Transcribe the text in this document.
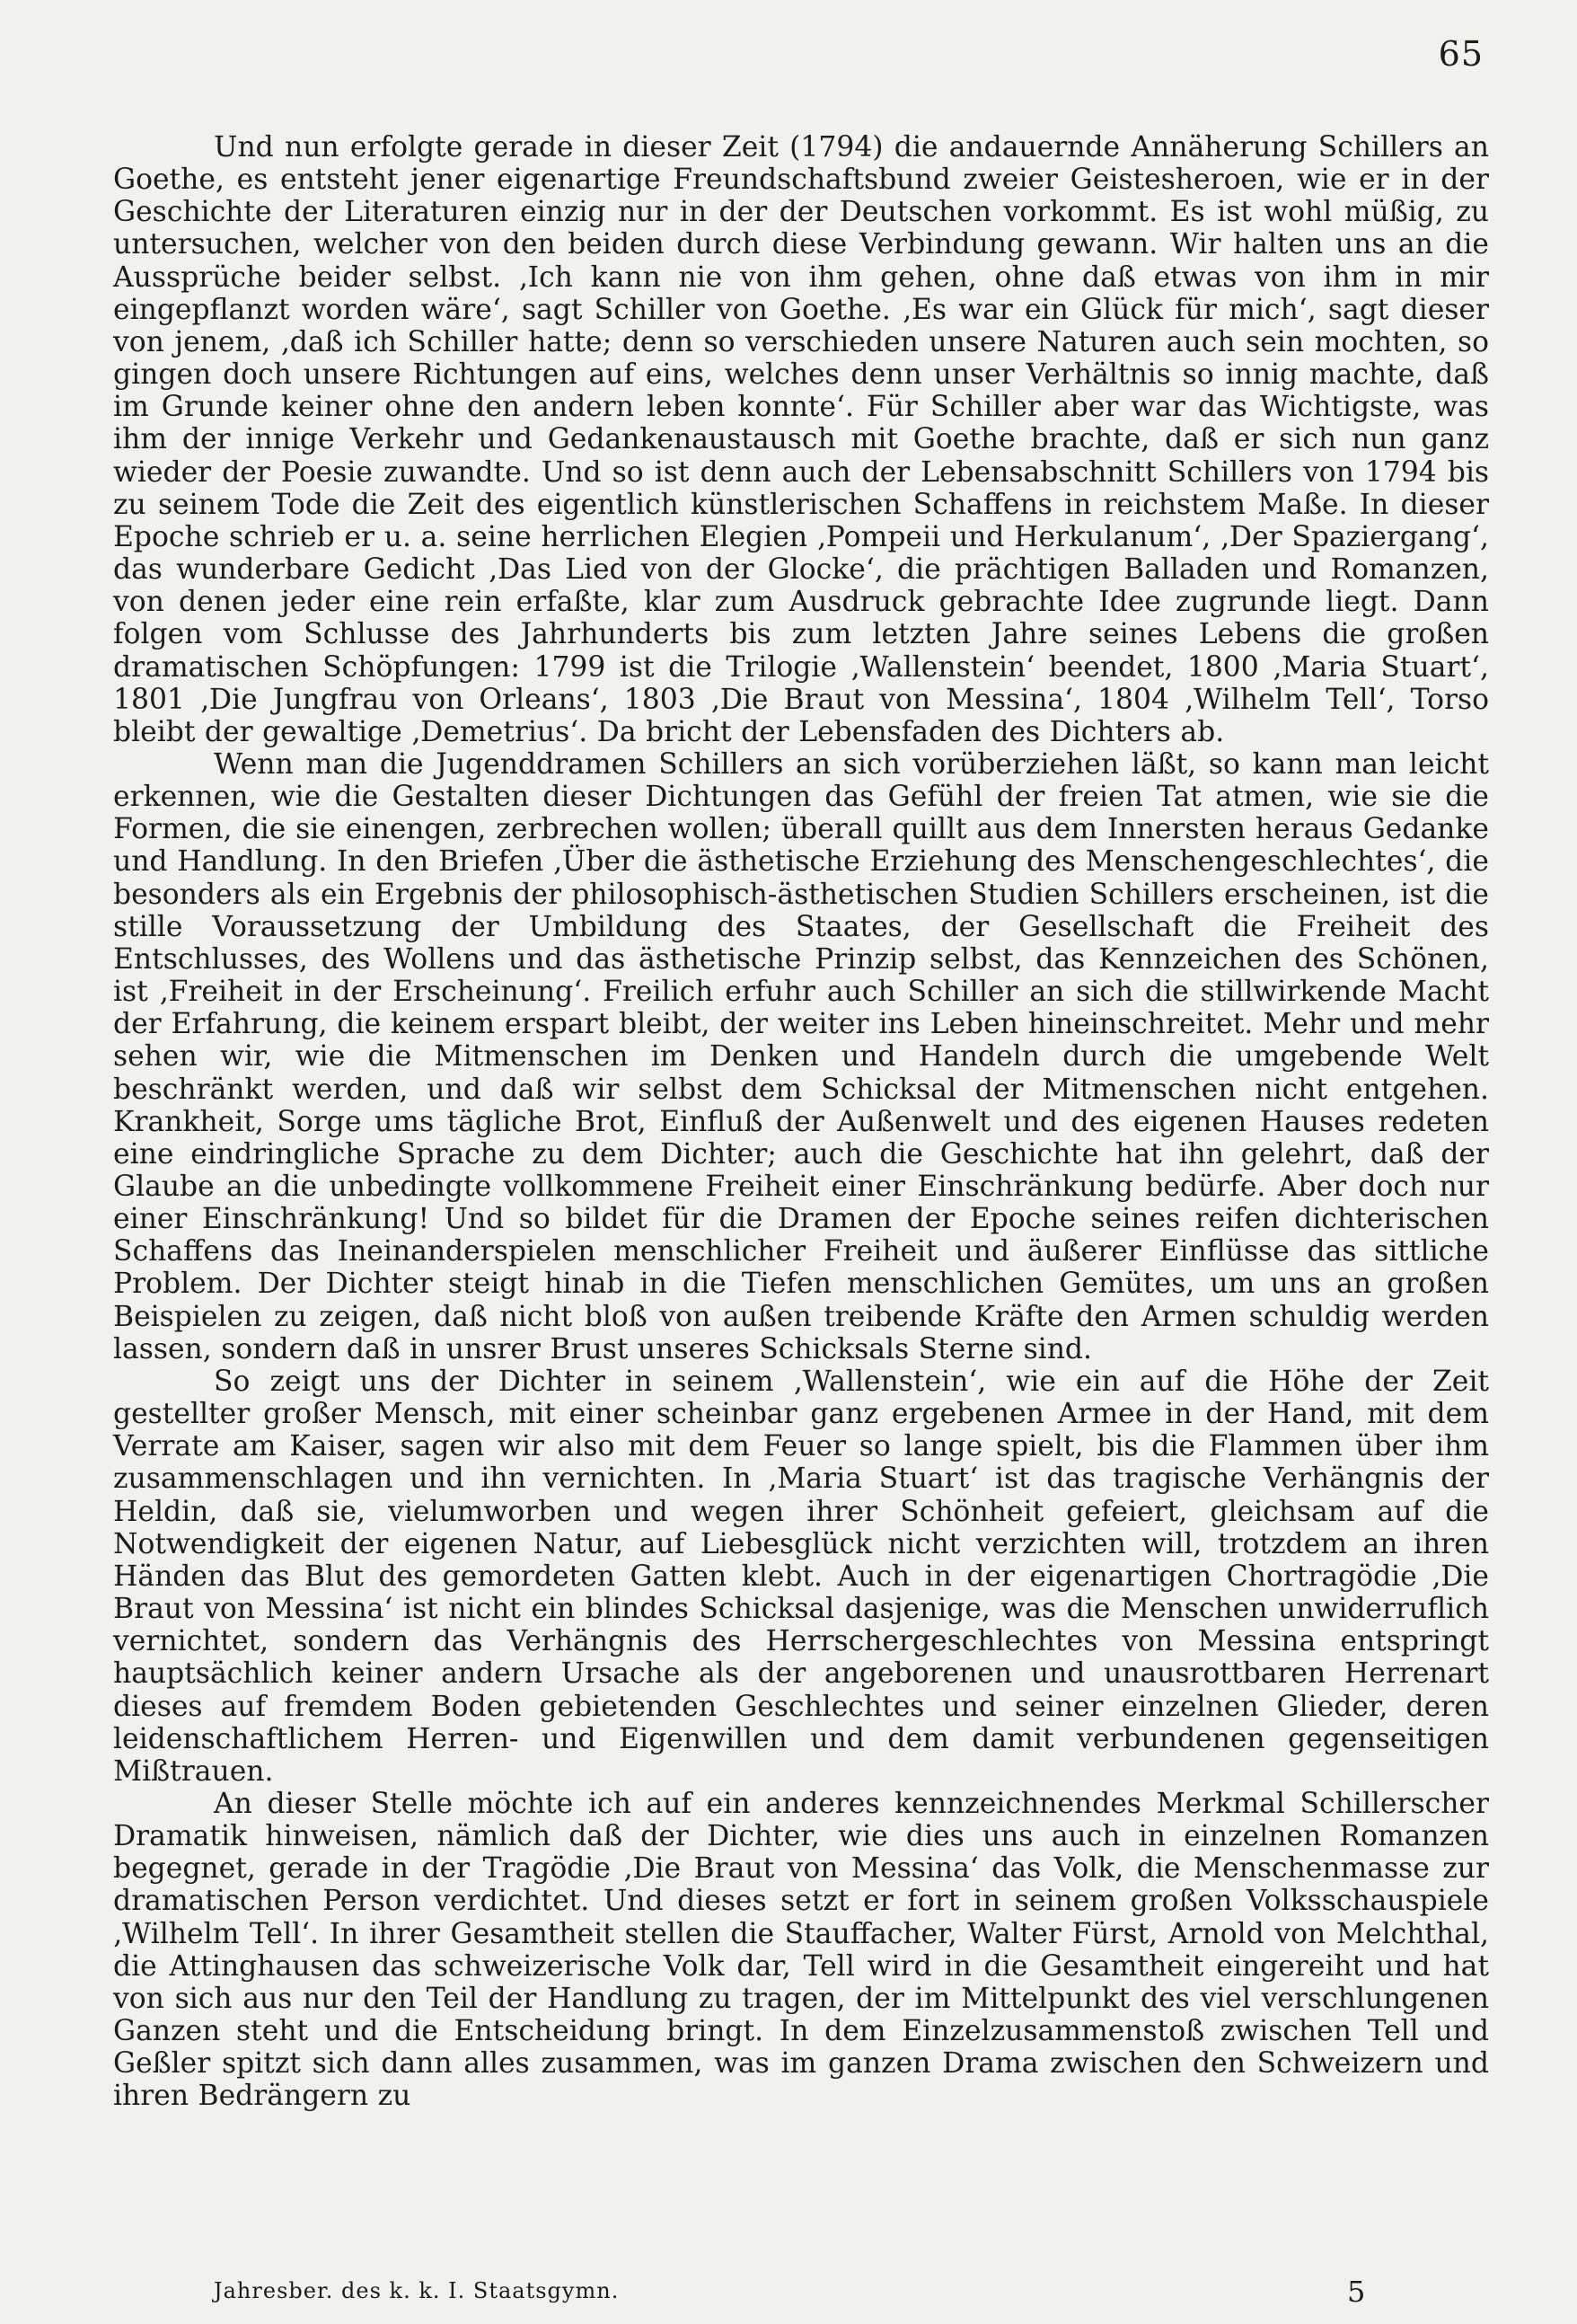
65

Und nun erfolgte gerade in dieser Zeit (1794) die andauernde Annäherung Schillers an Goethe, es entsteht jener eigenartige Freundschaftsbund zweier Geistesheroen, wie er in der Geschichte der Literaturen einzig nur in der der Deutschen vorkommt. Es ist wohl müßig, zu untersuchen, welcher von den beiden durch diese Verbindung gewann. Wir halten uns an die Aussprüche beider selbst. ‚Ich kann nie von ihm gehen, ohne daß etwas von ihm in mir eingepflanzt worden wäre‘, sagt Schiller von Goethe. ‚Es war ein Glück für mich‘, sagt dieser von jenem, ‚daß ich Schiller hatte; denn so verschieden unsere Naturen auch sein mochten, so gingen doch unsere Richtungen auf eins, welches denn unser Verhältnis so innig machte, daß im Grunde keiner ohne den andern leben konnte‘. Für Schiller aber war das Wichtigste, was ihm der innige Verkehr und Gedankenaustausch mit Goethe brachte, daß er sich nun ganz wieder der Poesie zuwandte. Und so ist denn auch der Lebensabschnitt Schillers von 1794 bis zu seinem Tode die Zeit des eigentlich künstlerischen Schaffens in reichstem Maße. In dieser Epoche schrieb er u. a. seine herrlichen Elegien ‚Pompeii und Herkulanum‘, ‚Der Spaziergang‘, das wunderbare Gedicht ‚Das Lied von der Glocke‘, die prächtigen Balladen und Romanzen, von denen jeder eine rein erfaßte, klar zum Ausdruck gebrachte Idee zugrunde liegt. Dann folgen vom Schlusse des Jahrhunderts bis zum letzten Jahre seines Lebens die großen dramatischen Schöpfungen: 1799 ist die Trilogie ‚Wallenstein‘ beendet, 1800 ‚Maria Stuart‘, 1801 ‚Die Jungfrau von Orleans‘, 1803 ‚Die Braut von Messina‘, 1804 ‚Wilhelm Tell‘, Torso bleibt der gewaltige ‚Demetrius‘. Da bricht der Lebensfaden des Dichters ab.

Wenn man die Jugenddramen Schillers an sich vorüberziehen läßt, so kann man leicht erkennen, wie die Gestalten dieser Dichtungen das Gefühl der freien Tat atmen, wie sie die Formen, die sie einengen, zerbrechen wollen; überall quillt aus dem Innersten heraus Gedanke und Handlung. In den Briefen ‚Über die ästhetische Erziehung des Menschengeschlechtes‘, die besonders als ein Ergebnis der philosophisch-ästhetischen Studien Schillers erscheinen, ist die stille Voraussetzung der Umbildung des Staates, der Gesellschaft die Freiheit des Entschlusses, des Wollens und das ästhetische Prinzip selbst, das Kennzeichen des Schönen, ist ‚Freiheit in der Erscheinung‘. Freilich erfuhr auch Schiller an sich die stillwirkende Macht der Erfahrung, die keinem erspart bleibt, der weiter ins Leben hineinschreitet. Mehr und mehr sehen wir, wie die Mitmenschen im Denken und Handeln durch die umgebende Welt beschränkt werden, und daß wir selbst dem Schicksal der Mitmenschen nicht entgehen. Krankheit, Sorge ums tägliche Brot, Einfluß der Außenwelt und des eigenen Hauses redeten eine eindringliche Sprache zu dem Dichter; auch die Geschichte hat ihn gelehrt, daß der Glaube an die unbedingte vollkommene Freiheit einer Einschränkung bedürfe. Aber doch nur einer Einschränkung! Und so bildet für die Dramen der Epoche seines reifen dichterischen Schaffens das Ineinanderspielen menschlicher Freiheit und äußerer Einflüsse das sittliche Problem. Der Dichter steigt hinab in die Tiefen menschlichen Gemütes, um uns an großen Beispielen zu zeigen, daß nicht bloß von außen treibende Kräfte den Armen schuldig werden lassen, sondern daß in unsrer Brust unseres Schicksals Sterne sind.

So zeigt uns der Dichter in seinem ‚Wallenstein‘, wie ein auf die Höhe der Zeit gestellter großer Mensch, mit einer scheinbar ganz ergebenen Armee in der Hand, mit dem Verrate am Kaiser, sagen wir also mit dem Feuer so lange spielt, bis die Flammen über ihm zusammenschlagen und ihn vernichten. In ‚Maria Stuart‘ ist das tragische Verhängnis der Heldin, daß sie, vielumworben und wegen ihrer Schönheit gefeiert, gleichsam auf die Notwendigkeit der eigenen Natur, auf Liebesglück nicht verzichten will, trotzdem an ihren Händen das Blut des gemordeten Gatten klebt. Auch in der eigenartigen Chortragödie ‚Die Braut von Messina‘ ist nicht ein blindes Schicksal dasjenige, was die Menschen unwiderruflich vernichtet, sondern das Verhängnis des Herrschergeschlechtes von Messina entspringt hauptsächlich keiner andern Ursache als der angeborenen und unausrottbaren Herrenart dieses auf fremdem Boden gebietenden Geschlechtes und seiner einzelnen Glieder, deren leidenschaftlichem Herren- und Eigenwillen und dem damit verbundenen gegenseitigen Mißtrauen.

An dieser Stelle möchte ich auf ein anderes kennzeichnendes Merkmal Schillerscher Dramatik hinweisen, nämlich daß der Dichter, wie dies uns auch in einzelnen Romanzen begegnet, gerade in der Tragödie ‚Die Braut von Messina‘ das Volk, die Menschenmasse zur dramatischen Person verdichtet. Und dieses setzt er fort in seinem großen Volksschauspiele ‚Wilhelm Tell‘. In ihrer Gesamtheit stellen die Stauffacher, Walter Fürst, Arnold von Melchthal, die Attinghausen das schweizerische Volk dar, Tell wird in die Gesamtheit eingereiht und hat von sich aus nur den Teil der Handlung zu tragen, der im Mittelpunkt des viel verschlungenen Ganzen steht und die Entscheidung bringt. In dem Einzelzusammenstoß zwischen Tell und Geßler spitzt sich dann alles zusammen, was im ganzen Drama zwischen den Schweizern und ihren Bedrängern zu

Jahresber. des k. k. I. Staatsgymn.	5
